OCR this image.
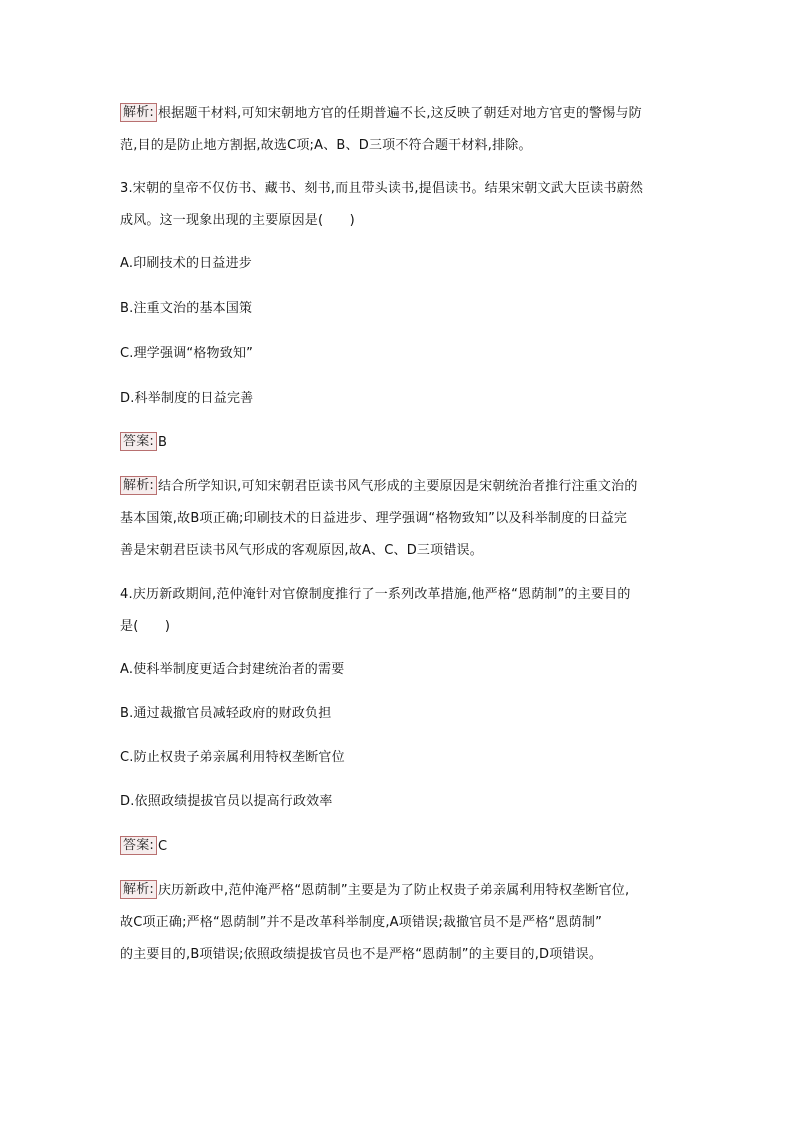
解析: 根据题干材料,可知宋朝地方官的任期普遍不长,这反映了朝廷对地方官吏的警惕与防
范,目的是防止地方割据,故选C项;A、B、D三项不符合题干材料,排除。
3.宋朝的皇帝不仅仿书、藏书、刻书,而且带头读书,提倡读书。结果宋朝文武大臣读书蔚然
成风。这一现象出现的主要原因是(　　)
A.印刷技术的日益进步
B.注重文治的基本国策
C.理学强调“格物致知”
D.科举制度的日益完善
答案: B
解析: 结合所学知识,可知宋朝君臣读书风气形成的主要原因是宋朝统治者推行注重文治的
基本国策,故B项正确;印刷技术的日益进步、理学强调“格物致知”以及科举制度的日益完
善是宋朝君臣读书风气形成的客观原因,故A、C、D三项错误。
4.庆历新政期间,范仲淹针对官僚制度推行了一系列改革措施,他严格“恩荫制”的主要目的
是(　　)
A.使科举制度更适合封建统治者的需要
B.通过裁撤官员减轻政府的财政负担
C.防止权贵子弟亲属利用特权垄断官位
D.依照政绩提拔官员以提高行政效率
答案: C
解析: 庆历新政中,范仲淹严格“恩荫制”主要是为了防止权贵子弟亲属利用特权垄断官位,
故C项正确;严格“恩荫制”并不是改革科举制度,A项错误;裁撤官员不是严格“恩荫制”
的主要目的,B项错误;依照政绩提拔官员也不是严格“恩荫制”的主要目的,D项错误。
